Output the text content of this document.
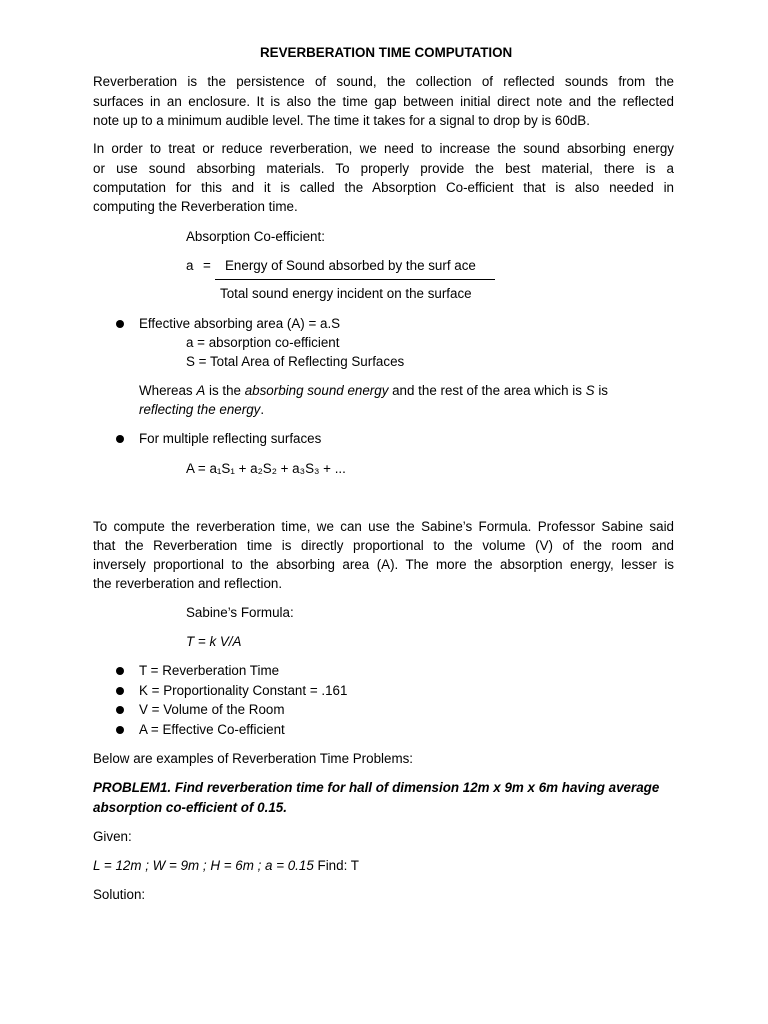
REVERBERATION TIME COMPUTATION
Reverberation is the persistence of sound, the collection of reflected sounds from the
surfaces in an enclosure. It is also the time gap between initial direct note and the reflected
note up to a minimum audible level. The time it takes for a signal to drop by is 60dB.
In order to treat or reduce reverberation, we need to increase the sound absorbing energy
or use sound absorbing materials. To properly provide the best material, there is a
computation for this and it is called the Absorption Co-efficient that is also needed in
computing the Reverberation time.
Absorption Co-efficient:
a = Energy of Sound absorbed by the surf ace
Total sound energy incident on the surface
Effective absorbing area (A) = a.S
a = absorption co-efficient
S = Total Area of Reflecting Surfaces
Whereas A is the absorbing sound energy and the rest of the area which is S is
reflecting the energy.
For multiple reflecting surfaces
A = a₁S₁ + a₂S₂ + a₃S₃ + ...
To compute the reverberation time, we can use the Sabine’s Formula. Professor Sabine said
that the Reverberation time is directly proportional to the volume (V) of the room and
inversely proportional to the absorbing area (A). The more the absorption energy, lesser is
the reverberation and reflection.
Sabine’s Formula:
T = k V/A
T = Reverberation Time
K = Proportionality Constant = .161
V = Volume of the Room
A = Effective Co-efficient
Below are examples of Reverberation Time Problems:
PROBLEM1. Find reverberation time for hall of dimension 12m x 9m x 6m having average
absorption co-efficient of 0.15.
Given:
L = 12m ; W = 9m ; H = 6m ; a = 0.15 Find: T
Solution:
